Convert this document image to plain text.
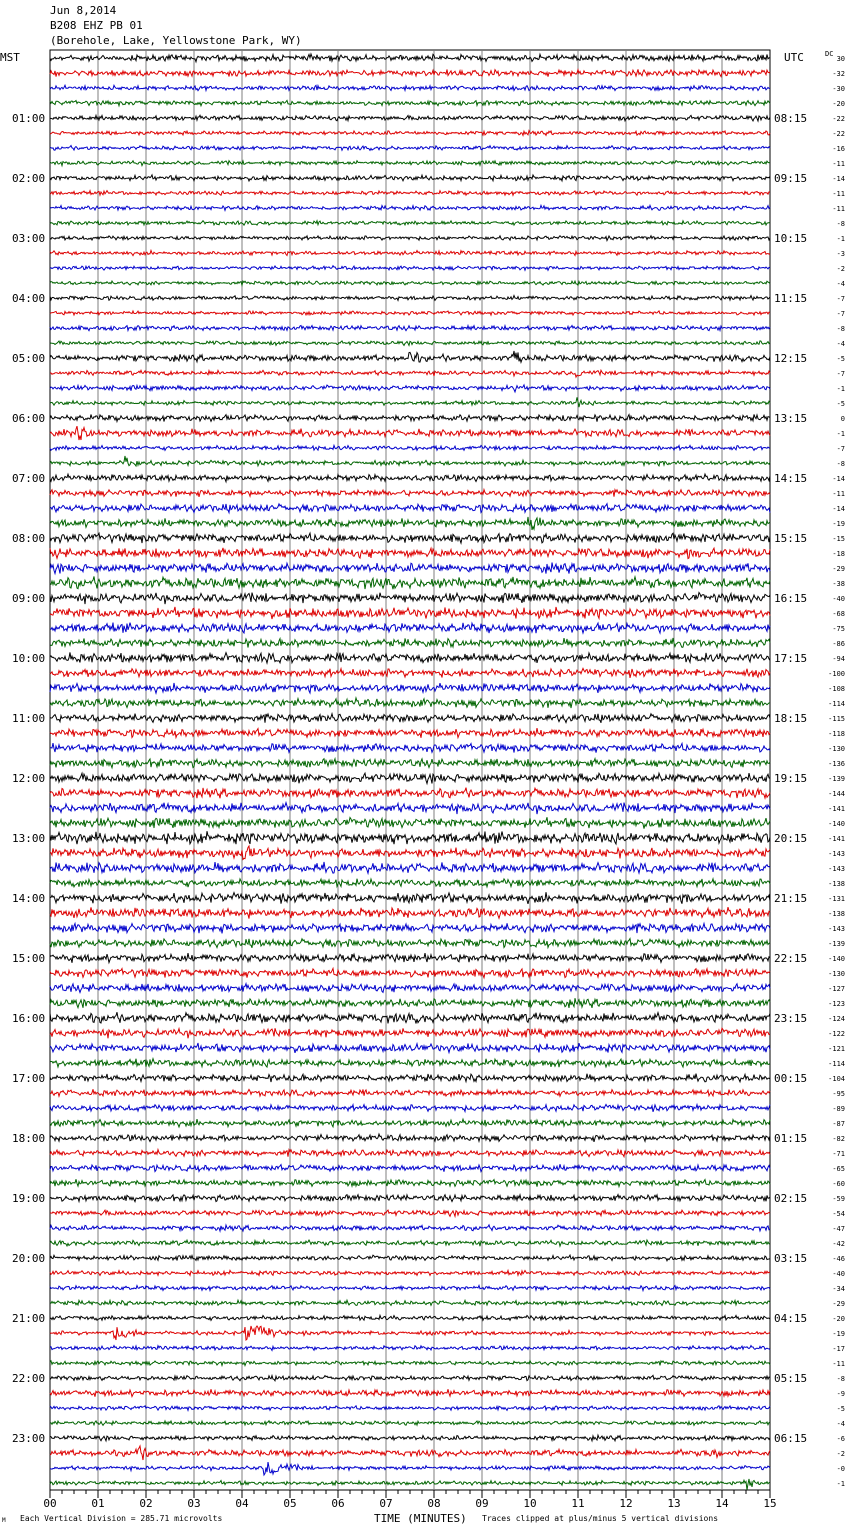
Jun 8,2014
B208 EHZ PB 01
(Borehole, Lake, Yellowstone Park, WY)
MST	UTC	DC
00	01	02	03	04	05	06	07	08	09	10	11	12	13	14	15
30
-32
-30
-20
-22
-22
-16
-11
-14
-11
-11
-8
-1
-3
-2
-4
-7
-7
-8
-4
-5
-7
-1
-5
0
-1
-7
-8
-14
-11
-14
-19
-15
-18
-29
-38
-40
-68
-75
-86
-94
-100
-108
-114
-115
-118
-130
-136
-139
-144
-141
-140
-141
-143
-143
-138
-131
-138
-143
-139
-140
-130
-127
-123
-124
-122
-121
-114
-104
-95
-89
-87
-82
-71
-65
-60
-59
-54
-47
-42
-46
-40
-34
-29
-20
-19
-17
-11
-8
-9
-5
-4
-6
-2
-0
-1
01:00
02:00
03:00
04:00
05:00
06:00
07:00
08:00
09:00
10:00
11:00
12:00
13:00
14:00
15:00
16:00
17:00
18:00
19:00
20:00
21:00
22:00
23:00
08:15
09:15
10:15
11:15
12:15
13:15
14:15
15:15
16:15
17:15
18:15
19:15
20:15
21:15
22:15
23:15
00:15
01:15
02:15
03:15
04:15
05:15
06:15
M Each Vertical Division = 285.71 microvolts	TIME (MINUTES) Traces clipped at plus/minus 5 vertical divisions
